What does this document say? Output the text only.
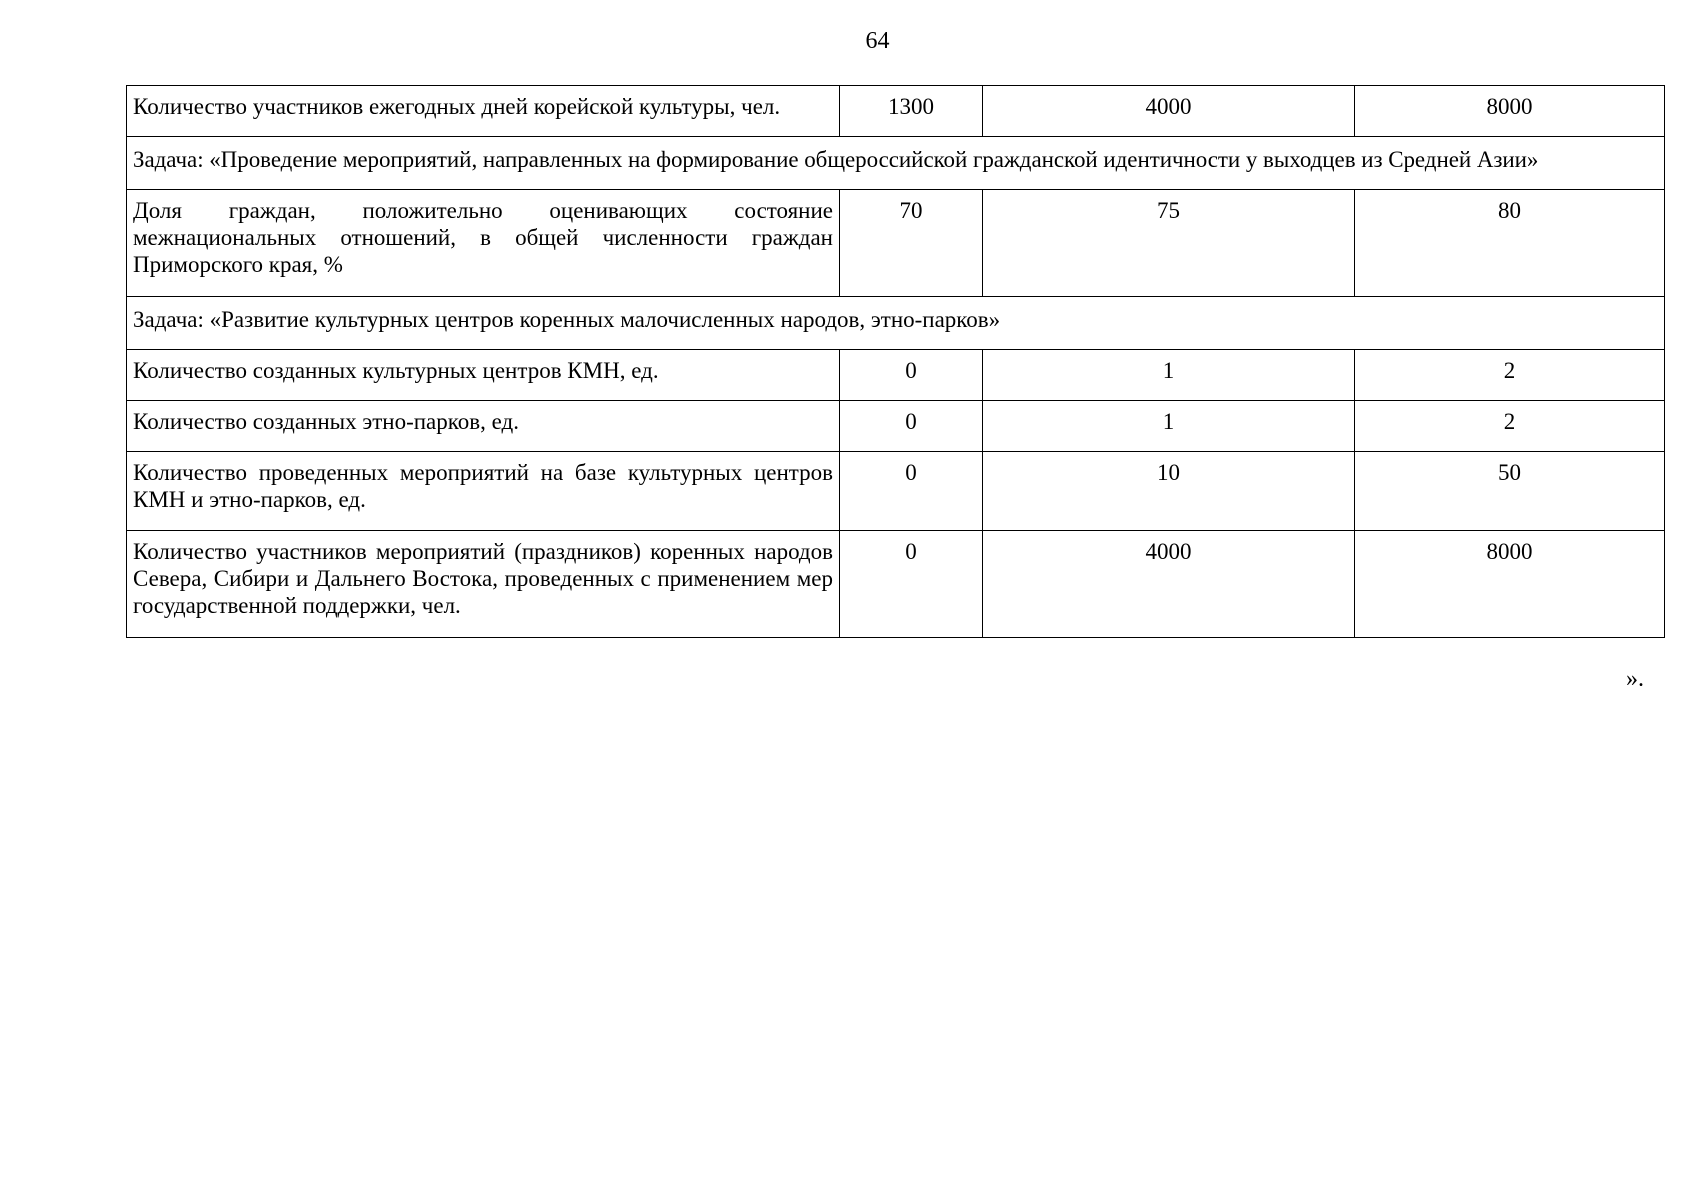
64
Количество участников ежегодных дней корейской культуры, чел.	1300	4000	8000
Задача: «Проведение мероприятий, направленных на формирование общероссийской гражданской идентичности у выходцев из Средней Азии»			
Доля граждан, положительно оценивающих состояние межнациональных отношений, в общей численности граждан Приморского края, %	70	75	80
Задача: «Развитие культурных центров коренных малочисленных народов, этно-парков»			
Количество созданных культурных центров КМН, ед.	0	1	2
Количество созданных этно-парков, ед.	0	1	2
Количество проведенных мероприятий на базе культурных центров КМН и этно-парков, ед.	0	10	50
Количество участников мероприятий (праздников) коренных народов Севера, Сибири и Дальнего Востока, проведенных с применением мер государственной поддержки, чел.	0	4000	8000
».
